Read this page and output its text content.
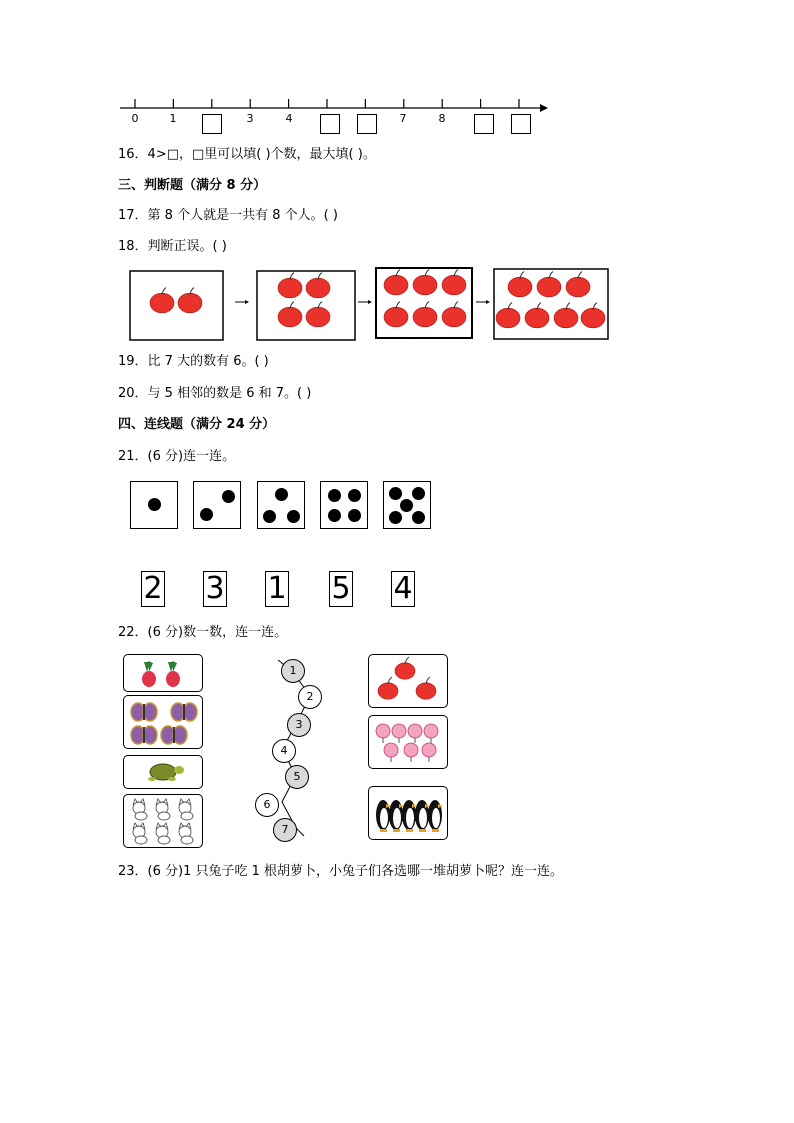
0	1	3	4	7	8
16．4>□，□里可以填( )个数，最大填( )。
三、判断题（满分 8 分）
17．第 8 个人就是一共有 8 个人。( )
18．判断正误。( )
19．比 7 大的数有 6。( )
20．与 5 相邻的数是 6 和 7。( )
四、连线题（满分 24 分）
21．(6 分)连一连。
2 3 1 5 4
22．(6 分)数一数，连一连。
1
2
3
4
5
6
7
23．(6 分)1 只兔子吃 1 根胡萝卜，小兔子们各选哪一堆胡萝卜呢？连一连。
